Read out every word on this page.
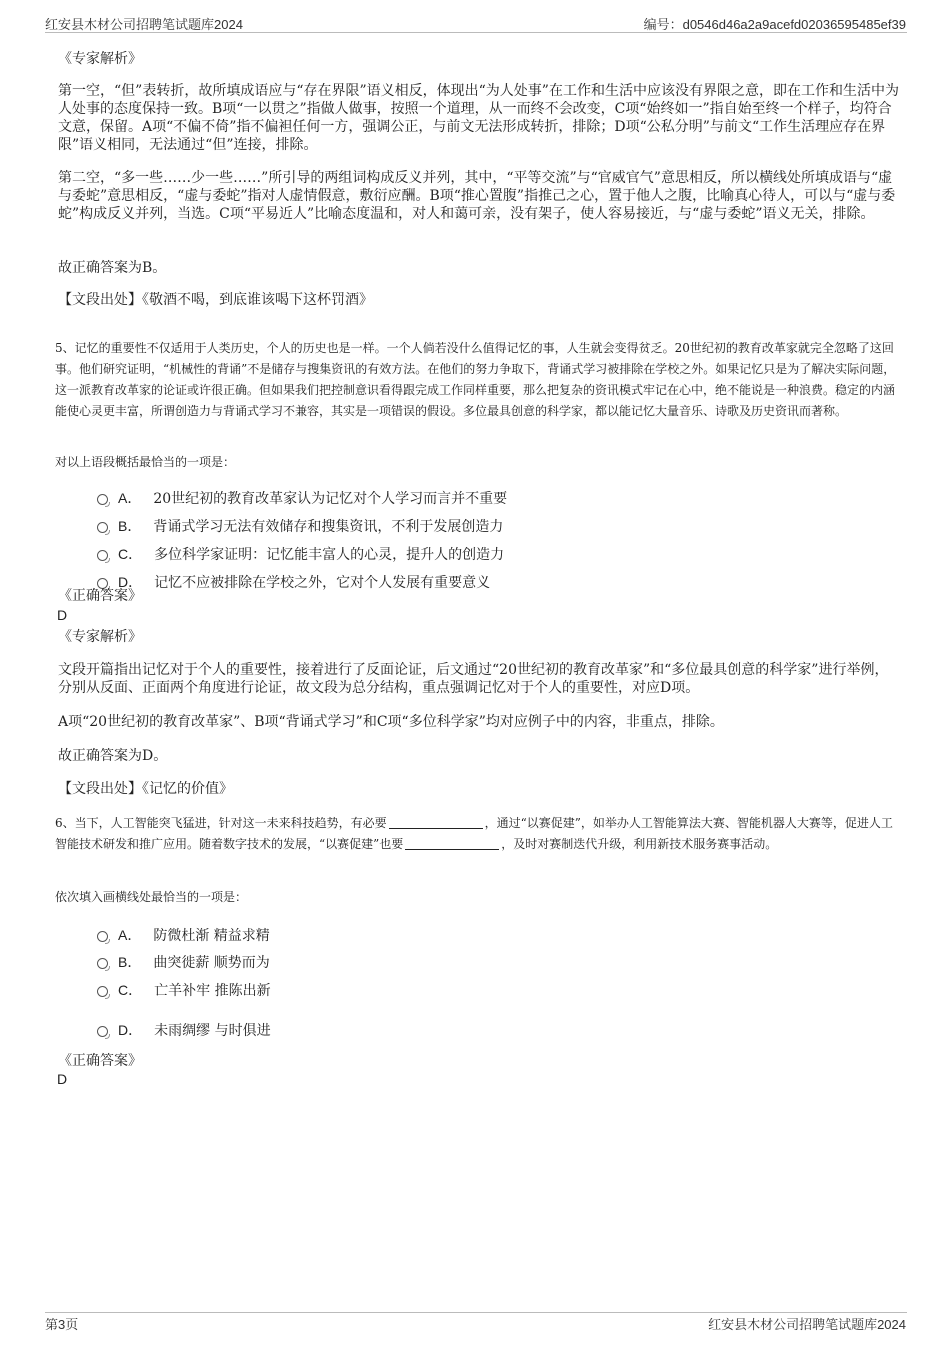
红安县木材公司招聘笔试题库2024	编号：d0546d46a2a9acefd02036595485ef39
《专家解析》

第一空，“但”表转折，故所填成语应与“存在界限”语义相反，体现出“为人处事”在工作和生活中应该没有界限之意，即在工作和生活中为人处事的态度保持一致。B项“一以贯之”指做人做事，按照一个道理，从一而终不会改变，C项“始终如一”指自始至终一个样子，均符合文意，保留。A项“不偏不倚”指不偏袒任何一方，强调公正，与前文无法形成转折，排除；D项“公私分明”与前文“工作生活理应存在界限”语义相同，无法通过“但”连接，排除。

第二空，“多一些……少一些……”所引导的两组词构成反义并列，其中，“平等交流”与“官威官气”意思相反，所以横线处所填成语与“虚与委蛇”意思相反，“虚与委蛇”指对人虚情假意，敷衍应酬。B项“推心置腹”指推己之心，置于他人之腹，比喻真心待人，可以与“虚与委蛇”构成反义并列，当选。C项“平易近人”比喻态度温和，对人和蔼可亲，没有架子，使人容易接近，与“虚与委蛇”语义无关，排除。

故正确答案为B。
【文段出处】《敬酒不喝，到底谁该喝下这杯罚酒》

5、记忆的重要性不仅适用于人类历史，个人的历史也是一样。一个人倘若没什么值得记忆的事，人生就会变得贫乏。20世纪初的教育改革家就完全忽略了这回事。他们研究证明，“机械性的背诵”不是储存与搜集资讯的有效方法。在他们的努力争取下，背诵式学习被排除在学校之外。如果记忆只是为了解决实际问题，这一派教育改革家的论证或许很正确。但如果我们把控制意识看得跟完成工作同样重要，那么把复杂的资讯模式牢记在心中，绝不能说是一种浪费。稳定的内涵能使心灵更丰富，所谓创造力与背诵式学习不兼容，其实是一项错误的假设。多位最具创意的科学家，都以能记忆大量音乐、诗歌及历史资讯而著称。

对以上语段概括最恰当的一项是：
A． 20世纪初的教育改革家认为记忆对个人学习而言并不重要
B． 背诵式学习无法有效储存和搜集资讯，不利于发展创造力
C． 多位科学家证明：记忆能丰富人的心灵，提升人的创造力
D． 记忆不应被排除在学校之外，它对个人发展有重要意义
《正确答案》
D
《专家解析》

文段开篇指出记忆对于个人的重要性，接着进行了反面论证，后文通过“20世纪初的教育改革家”和“多位最具创意的科学家”进行举例，分别从反面、正面两个角度进行论证，故文段为总分结构，重点强调记忆对于个人的重要性，对应D项。

A项“20世纪初的教育改革家”、B项“背诵式学习”和C项“多位科学家”均对应例子中的内容，非重点，排除。

故正确答案为D。
【文段出处】《记忆的价值》

6、当下，人工智能突飞猛进，针对这一未来科技趋势，有必要	，通过“以赛促建”，如举办人工智能算法大赛、智能机器人大赛等，促进人工智能技术研发和推广应用。随着数字技术的发展，“以赛促建”也要	，及时对赛制迭代升级，利用新技术服务赛事活动。

依次填入画横线处最恰当的一项是：
A． 防微杜渐 精益求精
B． 曲突徙薪 顺势而为
C． 亡羊补牢 推陈出新
D． 未雨绸缪 与时俱进
《正确答案》
D
第3页	红安县木材公司招聘笔试题库2024
